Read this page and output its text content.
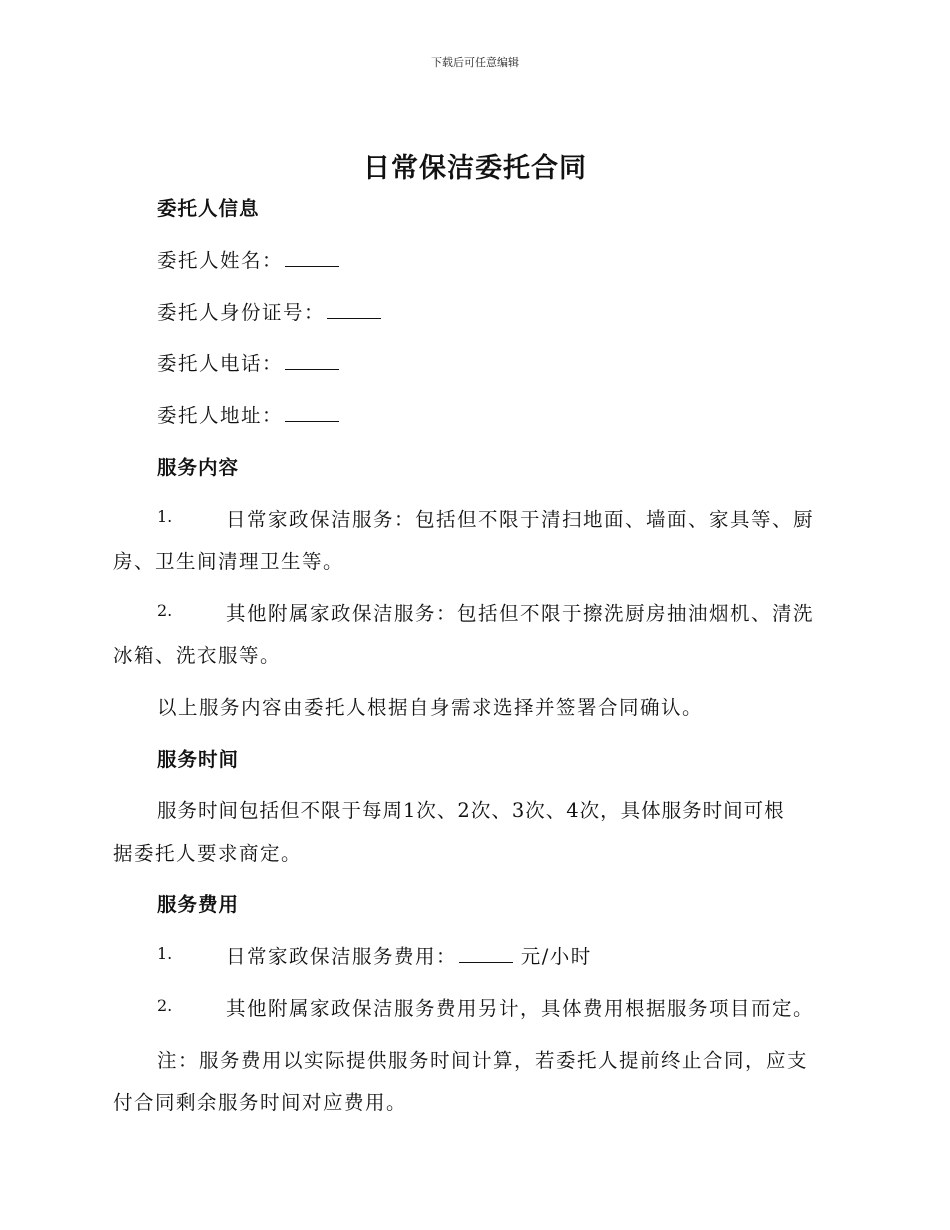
下载后可任意编辑
日常保洁委托合同
委托人信息
委托人姓名：
委托人身份证号：
委托人电话：
委托人地址：
服务内容
1.	日常家政保洁服务：包括但不限于清扫地面、墙面、家具等、厨
房、卫生间清理卫生等。
2.	其他附属家政保洁服务：包括但不限于擦洗厨房抽油烟机、清洗
冰箱、洗衣服等。
以上服务内容由委托人根据自身需求选择并签署合同确认。
服务时间
服务时间包括但不限于每周1次、2次、3次、4次，具体服务时间可根
据委托人要求商定。
服务费用
1.	日常家政保洁服务费用：	元/小时
2.	其他附属家政保洁服务费用另计，具体费用根据服务项目而定。
注：服务费用以实际提供服务时间计算，若委托人提前终止合同，应支
付合同剩余服务时间对应费用。
